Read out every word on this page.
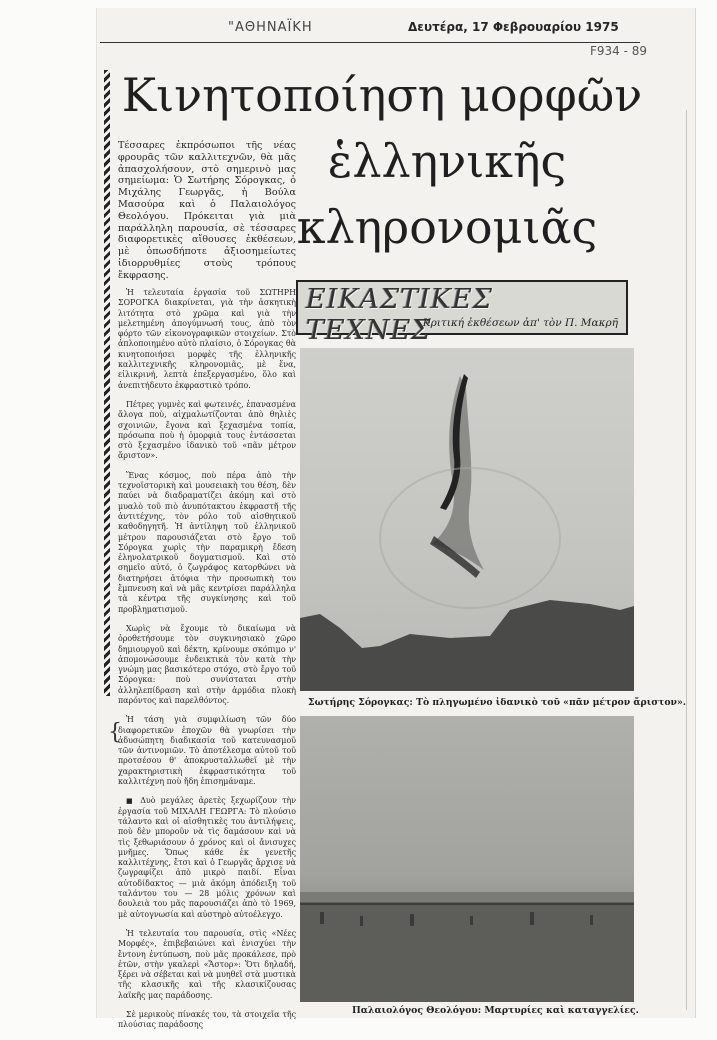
"ΑΘΗΝΑΪΚΗ	Δευτέρα, 17 Φεβρουαρίου 1975
F934 - 89
{
Κινητοποίηση μορφῶν
ἑλληνικῆς
κληρονομιᾶς

Τέσσαρες ἐκπρόσωποι τῆς νέας φρουρᾶς τῶν καλλιτεχνῶν, θὰ μᾶς ἀπασχολήσουν, στὸ σημερινὸ μας σημείωμα: Ὁ Σωτήρης Σόρογκας, ὁ Μιχάλης Γεωργᾶς, ἡ Βούλα Μασούρα καὶ ὁ Παλαιολόγος Θεολόγου. Πρόκειται γιὰ μιὰ παράλληλη παρουσία, σὲ τέσσαρες διαφορετικὲς αἴθουσες ἐκθέσεων, μὲ ὁπωσδήποτε ἀξιοσημείωτες ἰδιορρυθμίες στοὺς τρόπους ἔκφρασης.

Ἡ τελευταία ἐργασία τοῦ ΣΩΤΗΡΗ ΣΟΡΟΓΚΑ διακρίνεται, γιὰ τὴν ἀσκητικὴ λιτότητα στὸ χρῶμα καὶ γιὰ τὴν μελετημένη ἀπογύμνωσή τους, ἀπὸ τὸν φόρτο τῶν εἰκονογραφικῶν στοιχείων. Στὸ ἀπλοποιημένο αὐτὸ πλαίσιο, ὁ Σόρογκας θὰ κινητοποιήσει μορφὲς τῆς ἑλληνικῆς καλλιτεχνικῆς κληρονομιᾶς, μὲ ἕνα, εἰλικρινή, λεπτὰ ἐπεξεργασμένο, ὅλο καὶ ἀνεπιτήδευτο ἐκφραστικὸ τρόπο.

Πέτρες γυμνὲς καὶ φωτεινές, ἐπανασμένα ἄλογα ποὺ, αἰχμαλωτίζονται ἀπὸ θηλιὲς σχοινιῶν, ἔγονα καὶ ξεχασμένα τοπία, πρόσωπα ποὺ ἡ ὀμορφιὰ τους ἐντάσσεται στὸ ξεχασμένο ἰδανικὸ τοῦ «πᾶν μέτρον ἄριστον».

Ἕνας κόσμος, ποὺ πέρα ἀπὸ τὴν τεχνοϊστορικὴ καὶ μουσειακὴ του θέση, δὲν παύει νὰ διαδραματίζει ἀκόμη καὶ στὸ μυαλὸ τοῦ πιὸ ἀνυπότακτου ἐκφραστῆ τῆς ἀντιτέχνης, τὸν ρόλο τοῦ αἰσθητικοῦ καθοδηγητῆ. Ἡ ἀντίληψη τοῦ ἑλληνικοῦ μέτρου παρουσιάζεται στὸ ἔργο τοῦ Σόρογκα χωρὶς τὴν παραμικρὴ ἔδεση ἐληνολατρικοῦ δογματισμοῦ. Καὶ στὸ σημεῖο αὐτό, ὁ ζωγράφος κατορθώνει νὰ διατηρήσει ἀτόφια τὴν προσωπικὴ του ἔμπνευση καὶ νὰ μᾶς κεντρίσει παράλληλα τὰ κέντρα τῆς συγκίνησης καὶ τοῦ προβληματισμοῦ.

Χωρὶς νὰ ἔχουμε τὸ δικαίωμα νὰ ὁροθετήσουμε τὸν συγκινησιακὸ χῶρο δημιουργοῦ καὶ δέκτη, κρίνουμε σκόπιμο ν' ἀπομονώσουμε ἐνδεικτικὰ τὸν κατὰ τὴν γνώμη μας βασικότερο στόχο, στὸ ἔργο τοῦ Σόρογκα: ποὺ συνίσταται στὴν ἀλληλεπίδραση καὶ στὴν ἁρμόδια πλοκὴ παρόντος καὶ παρελθόντος.

Ἡ τάση γιὰ συμφιλίωση τῶν δύο διαφορετικῶν ἐποχῶν θὰ γνωρίσει τὴν ἀδυσώπητη διαδικασία τοῦ κατευνασμοῦ τῶν ἀντινομιῶν. Τὸ ἀποτέλεσμα αὐτοῦ τοῦ προτσέσου θ' ἀποκρυσταλλωθεῖ μὲ τὴν χαρακτηριστικὴ ἐκφραστικότητα τοῦ καλλιτέχνη ποὺ ἤδη ἐπισημάναμε.

■ Δυὸ μεγάλες ἀρετὲς ξεχωρίζουν τὴν ἐργασία τοῦ ΜΙΧΑΛΗ ΓΕΩΡΓΑ: Τὸ πλούσιο τάλαντο καὶ οἱ αἰσθητικὲς του ἀντιλήψεις, ποὺ δὲν μποροῦν νὰ τὶς δαμάσουν καὶ νὰ τὶς ξεθωριάσουν ὁ χρόνος καὶ οἱ ἄνισυχες μνῆμες. Ὅπως κάθε ἐκ γενετῆς καλλιτέχνης, ἔτσι καὶ ὁ Γεωργᾶς ἄρχισε νὰ ζωγραφίζει ἀπὸ μικρὸ παιδί. Εἶναι αὐτοδίδακτος — μιὰ ἀκόμη ἀπόδειξη τοῦ ταλάντου του — 28 μόλις χρόνων καὶ δουλειὰ του μᾶς παρουσιάζει ἀπὸ τὸ 1969, μὲ αὐτογνωσία καὶ αὐστηρὸ αὐτοέλεγχο.

Ἡ τελευταία του παρουσία, στὶς «Νέες Μορφές», ἐπιβεβαιώνει καὶ ἐνισχύει τὴν ἔντονη ἐντύπωση, ποὺ μᾶς προκάλεσε, πρὸ ἐτῶν, στὴν γκαλερὶ «Ἄστορ»: Ὅτι δηλαδή, ξέρει νὰ σέβεται καὶ νὰ μυηθεῖ στὰ μυστικὰ τῆς κλασικῆς καὶ τῆς κλασικίζουσας λαϊκῆς μας παράδοσης.

Σὲ μερικοὺς πίνακές του, τὰ στοιχεῖα τῆς πλούσιας παράδοσης

ΕΙΚΑΣΤΙΚΕΣ ΤΕΧΝΕΣ
Κριτική ἐκθέσεων ἀπ' τὸν Π. Μακρῆ
Σωτήρης Σόρογκας: Τὸ πληγωμένο ἰδανικὸ τοῦ «πᾶν μέτρον ἄριστον».
Παλαιολόγος Θεολόγου: Μαρτυρίες καὶ καταγγελίες.
